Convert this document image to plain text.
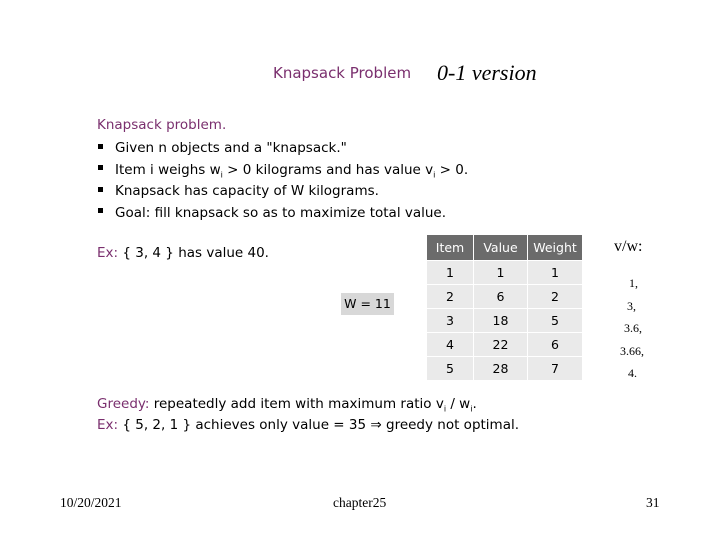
Knapsack Problem 0-1 version
Knapsack problem.
Given n objects and a "knapsack."
Item i weighs $w_i > 0$ kilograms and has value $v_i > 0$.
Knapsack has capacity of W kilograms.
Goal: fill knapsack so as to maximize total value.
Ex: { 3, 4 } has value 40.
W = 11
Item	Value	Weight
1	1	1
2	6	2
3	18	5
4	22	6
5	28	7
v/w:
1,
3,
3.6,
3.66,
4.
Greedy: repeatedly add item with maximum ratio $v_i / w_i$.
Ex: { 5, 2, 1 } achieves only value = 35 ⇒ greedy not optimal.
10/20/2021	chapter25	31
